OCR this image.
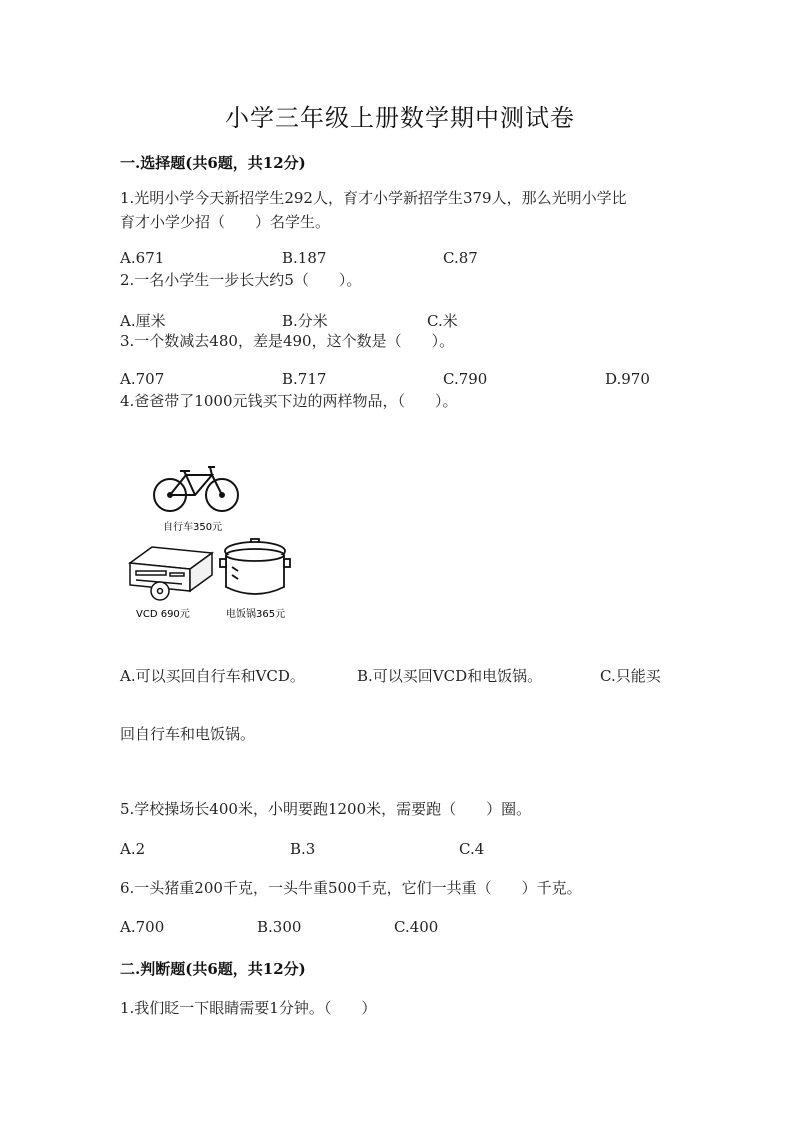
小学三年级上册数学期中测试卷
一.选择题(共6题，共12分)
1.光明小学今天新招学生292人，育才小学新招学生379人，那么光明小学比
育才小学少招（　　）名学生。
A.671	B.187	C.87
2.一名小学生一步长大约5（　　）。
A.厘米	B.分米	C.米
3.一个数减去480，差是490，这个数是（　　）。
A.707	B.717	C.790	D.970
4.爸爸带了1000元钱买下边的两样物品，（　　）。
自行车350元
VCD 690元	电饭锅365元
A.可以买回自行车和VCD。	B.可以买回VCD和电饭锅。	C.只能买
回自行车和电饭锅。
5.学校操场长400米，小明要跑1200米，需要跑（　　）圈。
A.2	B.3	C.4
6.一头猪重200千克，一头牛重500千克，它们一共重（　　）千克。
A.700	B.300	C.400
二.判断题(共6题，共12分)
1.我们眨一下眼睛需要1分钟。（　　）
